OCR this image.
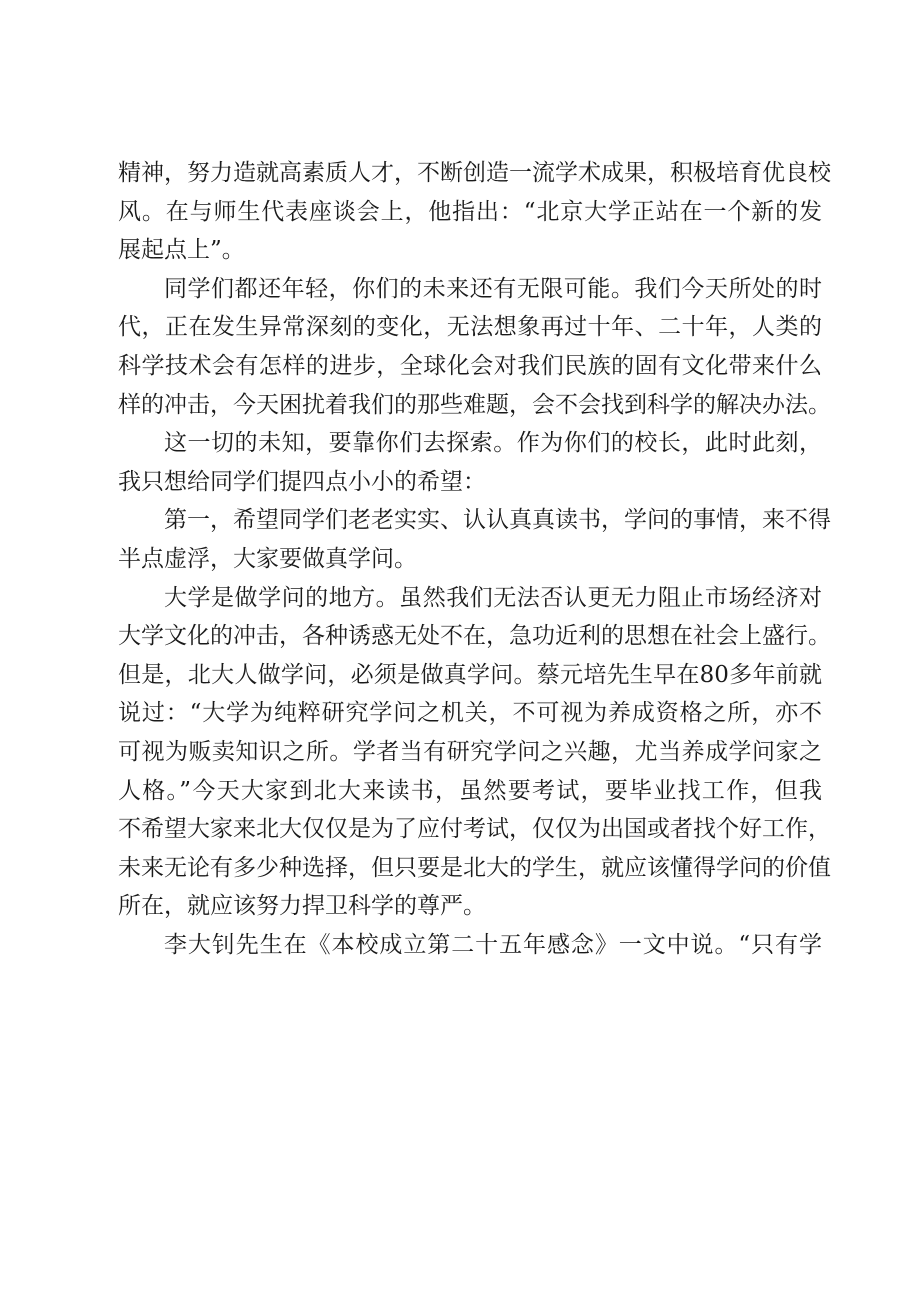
精神，努力造就高素质人才，不断创造一流学术成果，积极培育优良校
风。在与师生代表座谈会上，他指出：“北京大学正站在一个新的发
展起点上”。
同学们都还年轻，你们的未来还有无限可能。我们今天所处的时
代，正在发生异常深刻的变化，无法想象再过十年、二十年，人类的
科学技术会有怎样的进步，全球化会对我们民族的固有文化带来什么
样的冲击，今天困扰着我们的那些难题，会不会找到科学的解决办法。
这一切的未知，要靠你们去探索。作为你们的校长，此时此刻，
我只想给同学们提四点小小的希望：
第一，希望同学们老老实实、认认真真读书，学问的事情，来不得
半点虚浮，大家要做真学问。
大学是做学问的地方。虽然我们无法否认更无力阻止市场经济对
大学文化的冲击，各种诱惑无处不在，急功近利的思想在社会上盛行。
但是，北大人做学问，必须是做真学问。蔡元培先生早在80多年前就
说过：“大学为纯粹研究学问之机关，不可视为养成资格之所，亦不
可视为贩卖知识之所。学者当有研究学问之兴趣，尤当养成学问家之
人格。”今天大家到北大来读书，虽然要考试，要毕业找工作，但我
不希望大家来北大仅仅是为了应付考试，仅仅为出国或者找个好工作，
未来无论有多少种选择，但只要是北大的学生，就应该懂得学问的价值
所在，就应该努力捍卫科学的尊严。
李大钊先生在《本校成立第二十五年感念》一文中说。“只有学
